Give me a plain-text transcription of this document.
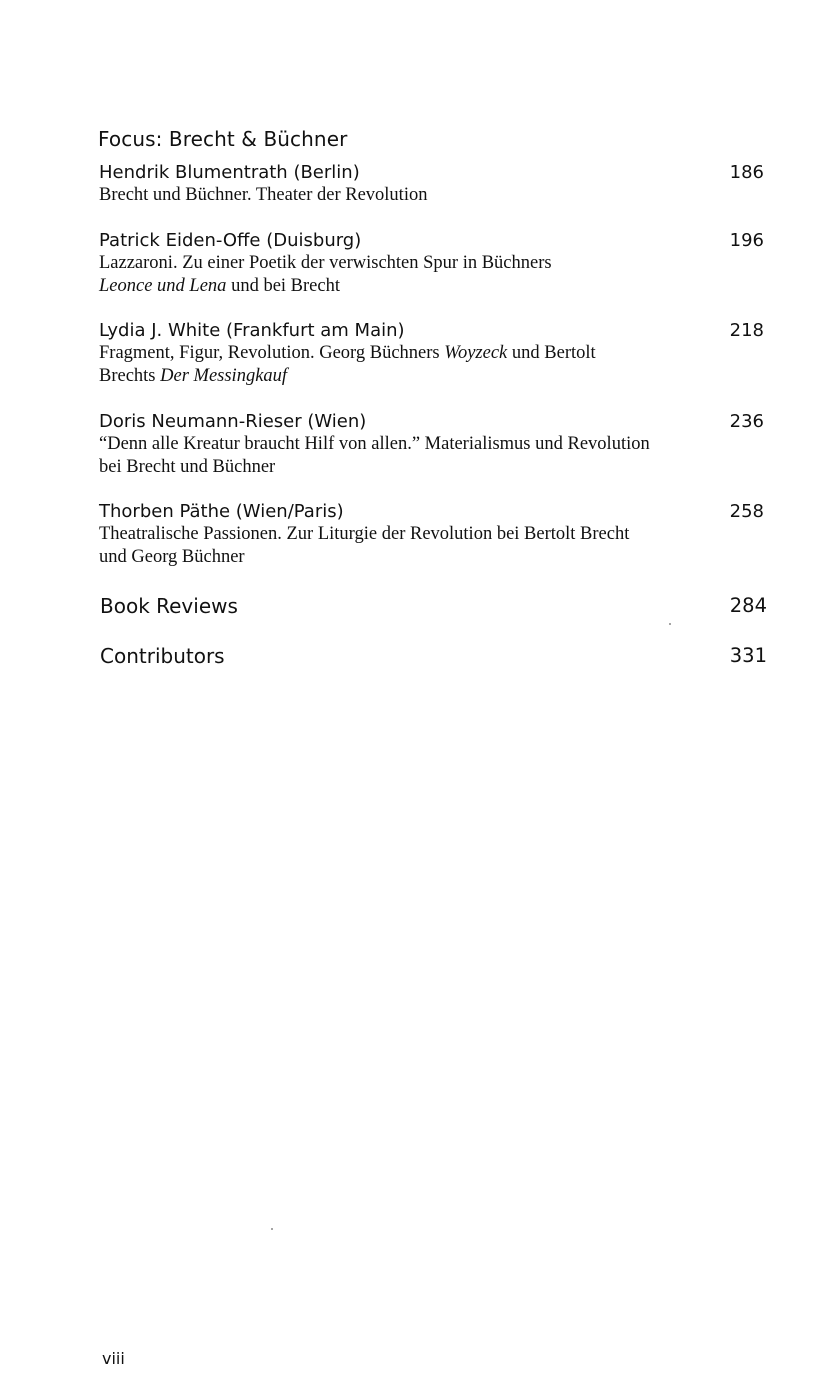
Focus: Brecht & Büchner
Hendrik Blumentrath (Berlin)
Brecht und Büchner. Theater der Revolution
186
Patrick Eiden-Offe (Duisburg)
Lazzaroni. Zu einer Poetik der verwischten Spur in Büchners
Leonce und Lena und bei Brecht
196
Lydia J. White (Frankfurt am Main)
Fragment, Figur, Revolution. Georg Büchners Woyzeck und Bertolt
Brechts Der Messingkauf
218
Doris Neumann-Rieser (Wien)
“Denn alle Kreatur braucht Hilf von allen.” Materialismus und Revolution
bei Brecht und Büchner
236
Thorben Päthe (Wien/Paris)
Theatralische Passionen. Zur Liturgie der Revolution bei Bertolt Brecht
und Georg Büchner
258
Book Reviews	284
Contributors	331
viii
